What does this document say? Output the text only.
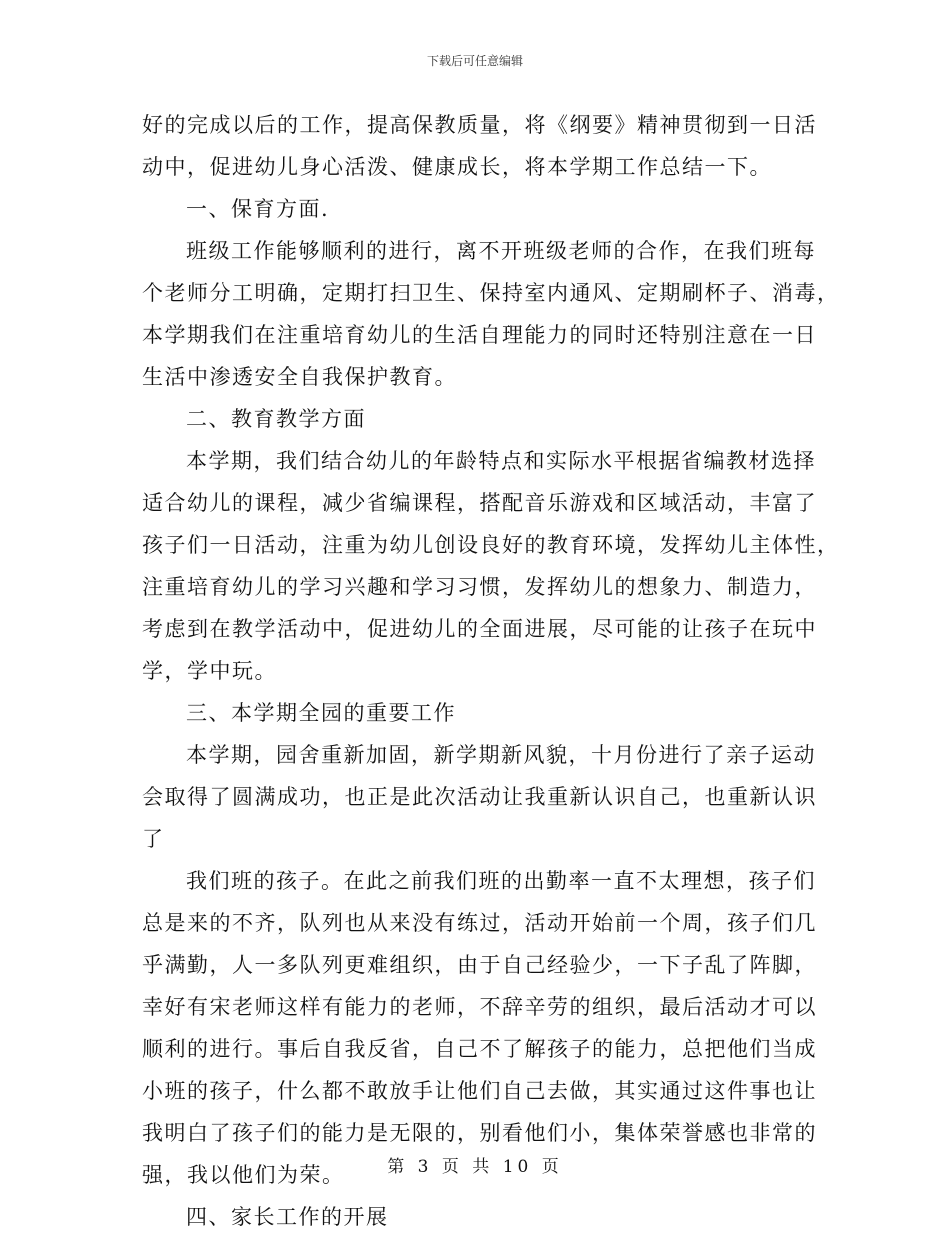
下载后可任意编辑
好的完成以后的工作，提高保教质量，将《纲要》精神贯彻到一日活
动中，促进幼儿身心活泼、健康成长，将本学期工作总结一下。
一、保育方面.
班级工作能够顺利的进行，离不开班级老师的合作，在我们班每
个老师分工明确，定期打扫卫生、保持室内通风、定期刷杯子、消毒，
本学期我们在注重培育幼儿的生活自理能力的同时还特别注意在一日
生活中渗透安全自我保护教育。
二、教育教学方面
本学期，我们结合幼儿的年龄特点和实际水平根据省编教材选择
适合幼儿的课程，减少省编课程，搭配音乐游戏和区域活动，丰富了
孩子们一日活动，注重为幼儿创设良好的教育环境，发挥幼儿主体性，
注重培育幼儿的学习兴趣和学习习惯，发挥幼儿的想象力、制造力，
考虑到在教学活动中，促进幼儿的全面进展，尽可能的让孩子在玩中
学，学中玩。
三、本学期全园的重要工作
本学期，园舍重新加固，新学期新风貌，十月份进行了亲子运动
会取得了圆满成功，也正是此次活动让我重新认识自己，也重新认识
了
我们班的孩子。在此之前我们班的出勤率一直不太理想，孩子们
总是来的不齐，队列也从来没有练过，活动开始前一个周，孩子们几
乎满勤，人一多队列更难组织，由于自己经验少，一下子乱了阵脚，
幸好有宋老师这样有能力的老师，不辞辛劳的组织，最后活动才可以
顺利的进行。事后自我反省，自己不了解孩子的能力，总把他们当成
小班的孩子，什么都不敢放手让他们自己去做，其实通过这件事也让
我明白了孩子们的能力是无限的，别看他们小，集体荣誉感也非常的
强，我以他们为荣。
四、家长工作的开展
第 3 页 共 10 页
